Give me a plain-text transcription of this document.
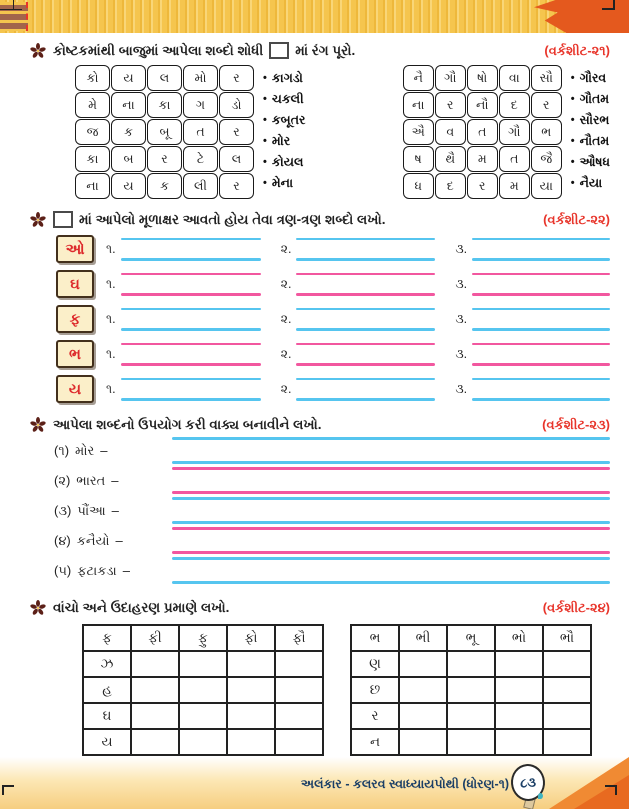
કોષ્ટકમાંથી બાજુમાં આપેલા શબ્દો શોધી માં રંગ પૂરો.	(વર્કશીટ-૨૧)
કો	ય	લ	મો	ર
મે	ના	કા	ગ	ડો
જ	ક	બૂ	ત	ર
કા	બ	ર	ટે	લ
ના	ય	ક	લી	ર
• કાગડો
• ચકલી
• કબૂતર
• મોર
• કોયલ
• મેના
નૈ	ગૌ	ષો	વા	સૌ
ના	ર	નૌ	દ	ર
ઐ	વ	ત	ગૌ	ભ
ષ	થૈ	મ	ત	જૈ
ધ	દ	ર	મ	યા
• ગૌરવ
• ગૌતમ
• સૌરભ
• નૌતમ
• ઔષધ
• નૈયા
માં આપેલો મૂળાક્ષર આવતો હોય તેવા ત્રણ-ત્રણ શબ્દો લખો.	(વર્કશીટ-૨૨)
ઓ	૧.	૨.	૩.
ઘ	૧.	૨.	૩.
ફ	૧.	૨.	૩.
ભ	૧.	૨.	૩.
ય	૧.	૨.	૩.
આપેલા શબ્દનો ઉપયોગ કરી વાક્ય બનાવીને લખો.	(વર્કશીટ-૨૩)
(૧) મોર –
(૨) ભારત –
(૩) પૌંઆ –
(૪) કનૈયો –
(૫) ફટાકડા –
વાંચો અને ઉદાહરણ પ્રમાણે લખો.	(વર્કશીટ-૨૪)
ફ	ફી	ફુ	ફો	ફૌ
ઝ				
હ				
ઘ				
ય				
ભ	ભી	ભૂ	ભો	ભૌ
ણ				
છ				
ર				
ન				
અલંકાર - કલરવ સ્વાધ્યાયપોથી (ધોરણ-૧) ૮૩
